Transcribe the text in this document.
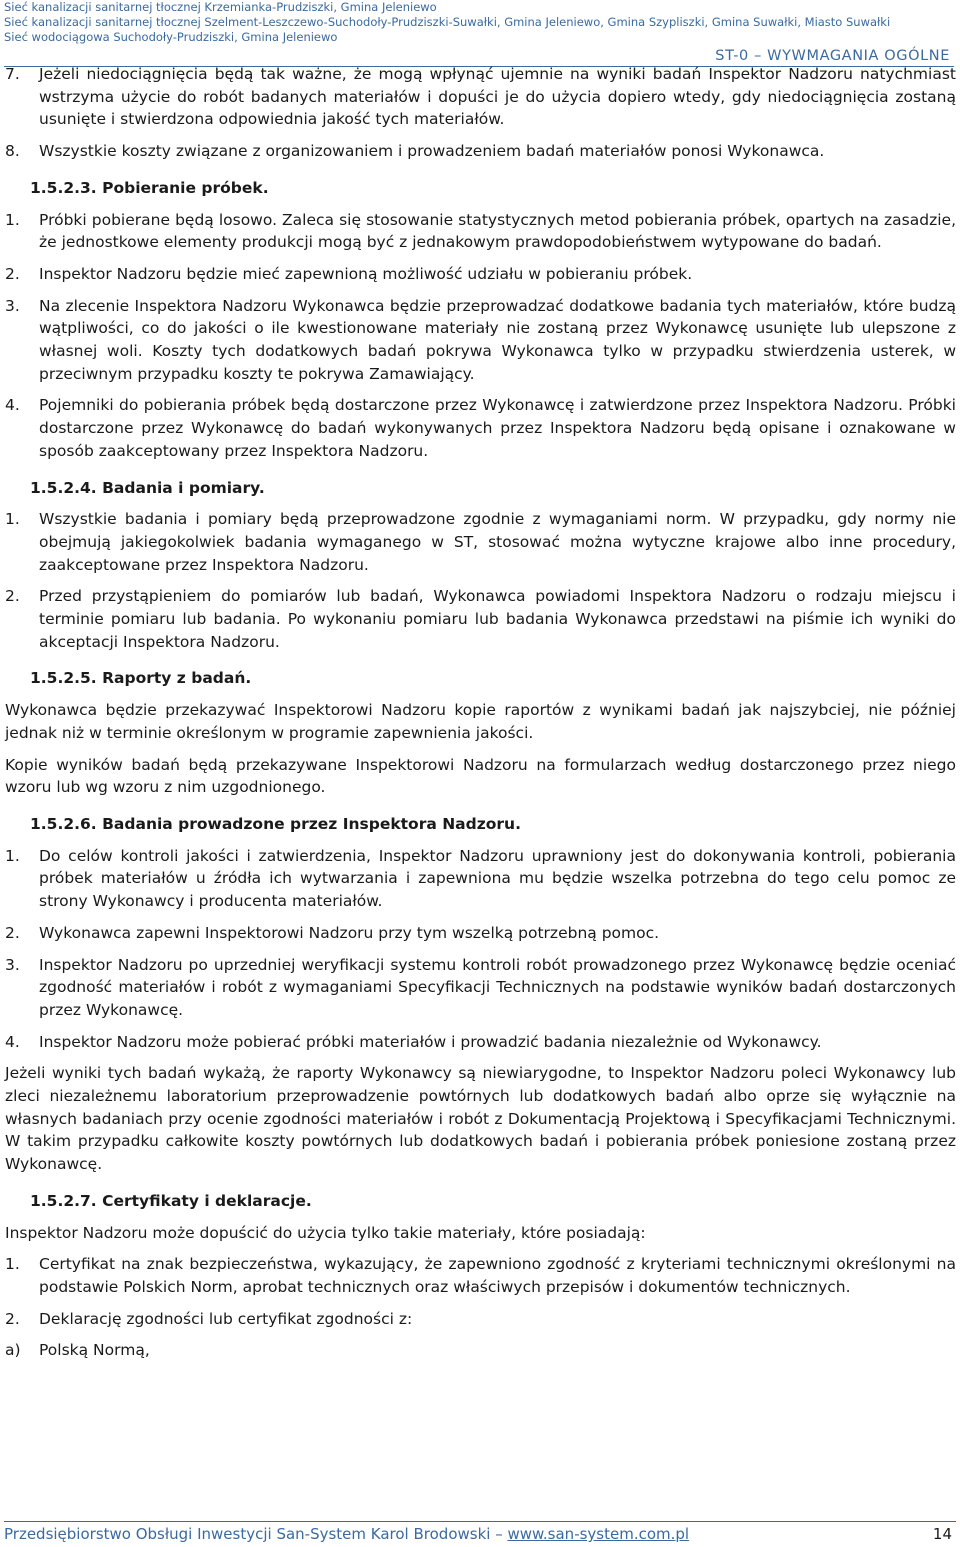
Sieć kanalizacji sanitarnej tłocznej Krzemianka-Prudziszki, Gmina Jeleniewo
Sieć kanalizacji sanitarnej tłocznej Szelment-Leszczewo-Suchodoły-Prudziszki-Suwałki, Gmina Jeleniewo, Gmina Szypliszki, Gmina Suwałki, Miasto Suwałki
Sieć wodociągowa Suchodoły-Prudziszki, Gmina Jeleniewo
ST-0 – WYWMAGANIA OGÓLNE
7.	Jeżeli niedociągnięcia będą tak ważne, że mogą wpłynąć ujemnie na wyniki badań Inspektor Nadzoru natychmiast wstrzyma użycie do robót badanych materiałów i dopuści je do użycia dopiero wtedy, gdy niedociągnięcia zostaną usunięte i stwierdzona odpowiednia jakość tych materiałów.
8.	Wszystkie koszty związane z organizowaniem i prowadzeniem badań materiałów ponosi Wykonawca.
1.5.2.3. Pobieranie próbek.
1.	Próbki pobierane będą losowo. Zaleca się stosowanie statystycznych metod pobierania próbek, opartych na zasadzie, że jednostkowe elementy produkcji mogą być z jednakowym prawdopodobieństwem wytypowane do badań.
2.	Inspektor Nadzoru będzie mieć zapewnioną możliwość udziału w pobieraniu próbek.
3.	Na zlecenie Inspektora Nadzoru Wykonawca będzie przeprowadzać dodatkowe badania tych materiałów, które budzą wątpliwości, co do jakości o ile kwestionowane materiały nie zostaną przez Wykonawcę usunięte lub ulepszone z własnej woli. Koszty tych dodatkowych badań pokrywa Wykonawca tylko w przypadku stwierdzenia usterek, w przeciwnym przypadku koszty te pokrywa Zamawiający.
4.	Pojemniki do pobierania próbek będą dostarczone przez Wykonawcę i zatwierdzone przez Inspektora Nadzoru. Próbki dostarczone przez Wykonawcę do badań wykonywanych przez Inspektora Nadzoru będą opisane i oznakowane w sposób zaakceptowany przez Inspektora Nadzoru.
1.5.2.4. Badania i pomiary.
1.	Wszystkie badania i pomiary będą przeprowadzone zgodnie z wymaganiami norm. W przypadku, gdy normy nie obejmują jakiegokolwiek badania wymaganego w ST, stosować można wytyczne krajowe albo inne procedury, zaakceptowane przez Inspektora Nadzoru.
2.	Przed przystąpieniem do pomiarów lub badań, Wykonawca powiadomi Inspektora Nadzoru o rodzaju miejscu i terminie pomiaru lub badania. Po wykonaniu pomiaru lub badania Wykonawca przedstawi na piśmie ich wyniki do akceptacji Inspektora Nadzoru.
1.5.2.5. Raporty z badań.
Wykonawca będzie przekazywać Inspektorowi Nadzoru kopie raportów z wynikami badań jak najszybciej, nie później jednak niż w terminie określonym w programie zapewnienia jakości.
Kopie wyników badań będą przekazywane Inspektorowi Nadzoru na formularzach według dostarczonego przez niego wzoru lub wg wzoru z nim uzgodnionego.
1.5.2.6. Badania prowadzone przez Inspektora Nadzoru.
1.	Do celów kontroli jakości i zatwierdzenia, Inspektor Nadzoru uprawniony jest do dokonywania kontroli, pobierania próbek materiałów u źródła ich wytwarzania i zapewniona mu będzie wszelka potrzebna do tego celu pomoc ze strony Wykonawcy i producenta materiałów.
2.	Wykonawca zapewni Inspektorowi Nadzoru przy tym wszelką potrzebną pomoc.
3.	Inspektor Nadzoru po uprzedniej weryfikacji systemu kontroli robót prowadzonego przez Wykonawcę będzie oceniać zgodność materiałów i robót z wymaganiami Specyfikacji Technicznych na podstawie wyników badań dostarczonych przez Wykonawcę.
4.	Inspektor Nadzoru może pobierać próbki materiałów i prowadzić badania niezależnie od Wykonawcy.
Jeżeli wyniki tych badań wykażą, że raporty Wykonawcy są niewiarygodne, to Inspektor Nadzoru poleci Wykonawcy lub zleci niezależnemu laboratorium przeprowadzenie powtórnych lub dodatkowych badań albo oprze się wyłącznie na własnych badaniach przy ocenie zgodności materiałów i robót z Dokumentacją Projektową i Specyfikacjami Technicznymi. W takim przypadku całkowite koszty powtórnych lub dodatkowych badań i pobierania próbek poniesione zostaną przez Wykonawcę.
1.5.2.7. Certyfikaty i deklaracje.
Inspektor Nadzoru może dopuścić do użycia tylko takie materiały, które posiadają:
1.	Certyfikat na znak bezpieczeństwa, wykazujący, że zapewniono zgodność z kryteriami technicznymi określonymi na podstawie Polskich Norm, aprobat technicznych oraz właściwych przepisów i dokumentów technicznych.
2.	Deklarację zgodności lub certyfikat zgodności z:
a)	Polską Normą,
Przedsiębiorstwo Obsługi Inwestycji San-System Karol Brodowski – www.san-system.com.pl	14
